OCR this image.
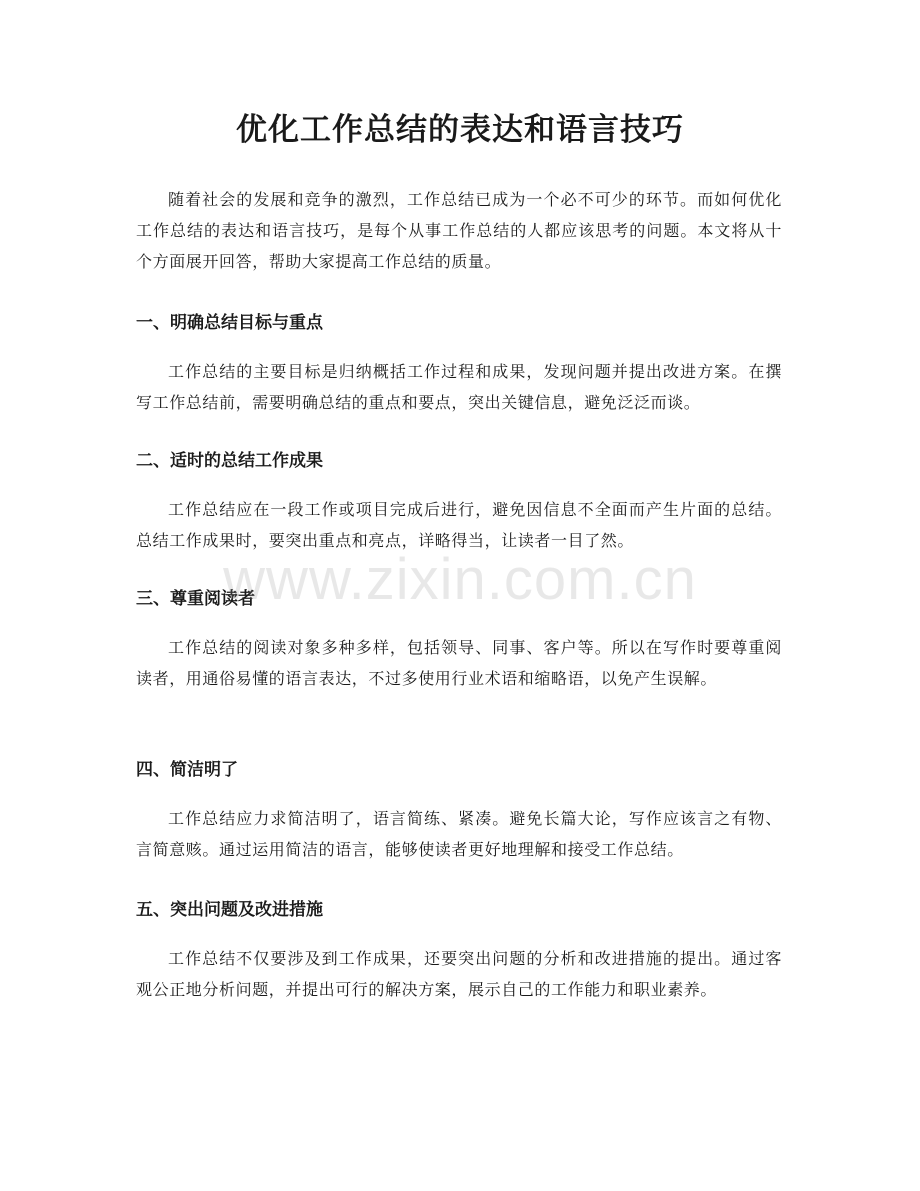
优化工作总结的表达和语言技巧

随着社会的发展和竞争的激烈，工作总结已成为一个必不可少的环节。而如何优化工作总结的表达和语言技巧，是每个从事工作总结的人都应该思考的问题。本文将从十个方面展开回答，帮助大家提高工作总结的质量。

一、明确总结目标与重点

工作总结的主要目标是归纳概括工作过程和成果，发现问题并提出改进方案。在撰写工作总结前，需要明确总结的重点和要点，突出关键信息，避免泛泛而谈。

二、适时的总结工作成果

工作总结应在一段工作或项目完成后进行，避免因信息不全面而产生片面的总结。总结工作成果时，要突出重点和亮点，详略得当，让读者一目了然。

三、尊重阅读者

工作总结的阅读对象多种多样，包括领导、同事、客户等。所以在写作时要尊重阅读者，用通俗易懂的语言表达，不过多使用行业术语和缩略语，以免产生误解。

四、简洁明了

工作总结应力求简洁明了，语言简练、紧凑。避免长篇大论，写作应该言之有物、言简意赅。通过运用简洁的语言，能够使读者更好地理解和接受工作总结。

五、突出问题及改进措施

工作总结不仅要涉及到工作成果，还要突出问题的分析和改进措施的提出。通过客观公正地分析问题，并提出可行的解决方案，展示自己的工作能力和职业素养。

www.zixin.com.cn
